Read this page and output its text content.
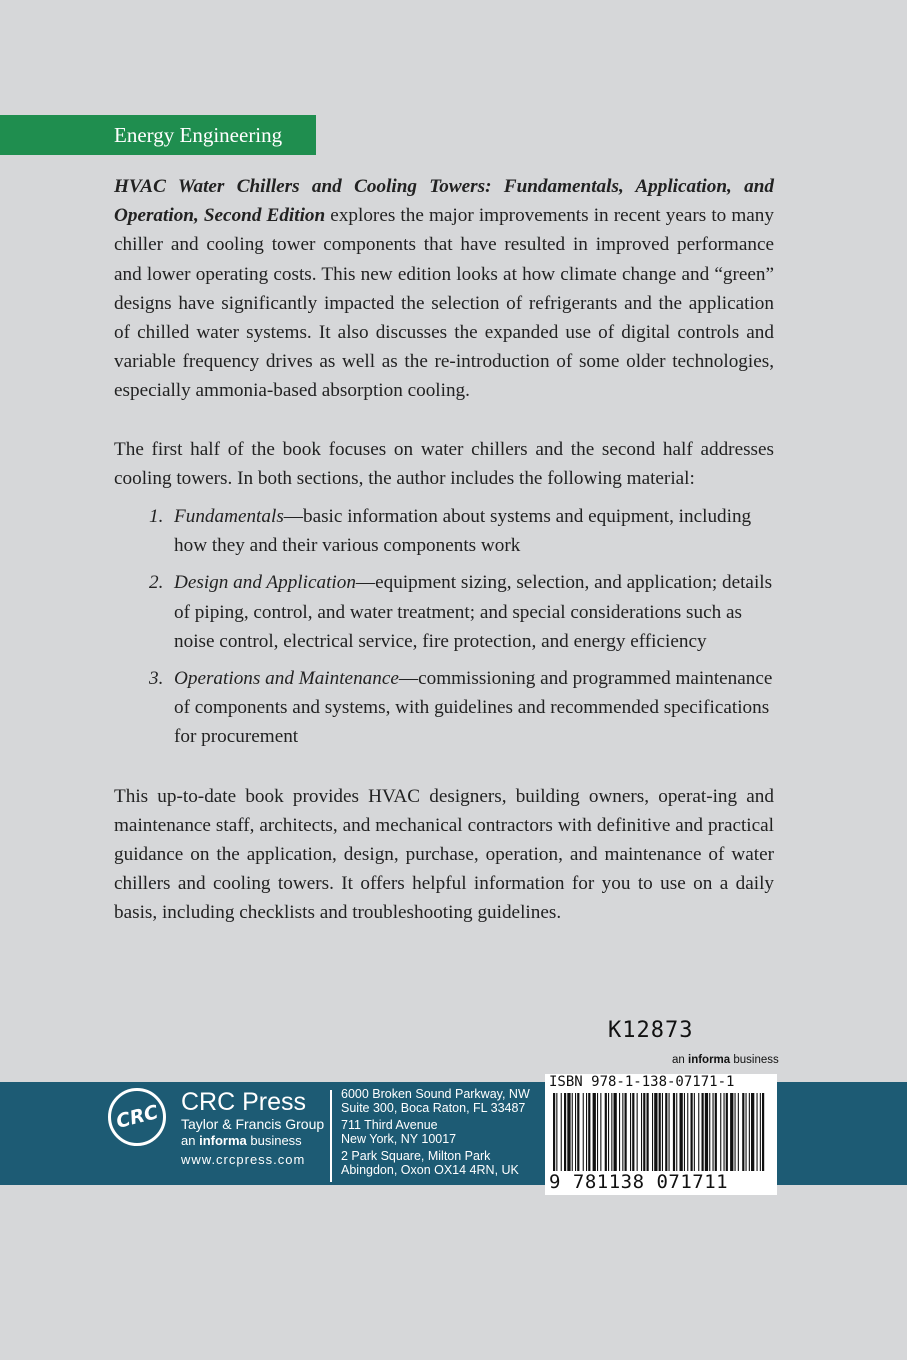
Energy Engineering

HVAC Water Chillers and Cooling Towers: Fundamentals, Application, and Operation, Second Edition explores the major improvements in recent years to many chiller and cooling tower components that have resulted in improved performance and lower operating costs. This new edition looks at how climate change and “green” designs have significantly impacted the selection of refrigerants and the application of chilled water systems. It also discusses the expanded use of digital controls and variable frequency drives as well as the re-introduction of some older technologies, especially ammonia-based absorption cooling.

The first half of the book focuses on water chillers and the second half addresses cooling towers. In both sections, the author includes the following material:

1. Fundamentals—basic information about systems and equipment, including how they and their various components work
2. Design and Application—equipment sizing, selection, and application; details of piping, control, and water treatment; and special considerations such as noise control, electrical service, fire protection, and energy efficiency
3. Operations and Maintenance—commissioning and programmed maintenance of components and systems, with guidelines and recommended specifications for procurement

This up-to-date book provides HVAC designers, building owners, operat-ing and maintenance staff, architects, and mechanical contractors with definitive and practical guidance on the application, design, purchase, operation, and maintenance of water chillers and cooling towers. It offers helpful information for you to use on a daily basis, including checklists and troubleshooting guidelines.

K12873
an informa business
CRC CRC Press
Taylor & Francis Group
an informa business
www.crcpress.com
6000 Broken Sound Parkway, NW
Suite 300, Boca Raton, FL 33487
711 Third Avenue
New York, NY 10017
2 Park Square, Milton Park
Abingdon, Oxon OX14 4RN, UK
ISBN 978-1-138-07171-1
9 781138 071711
